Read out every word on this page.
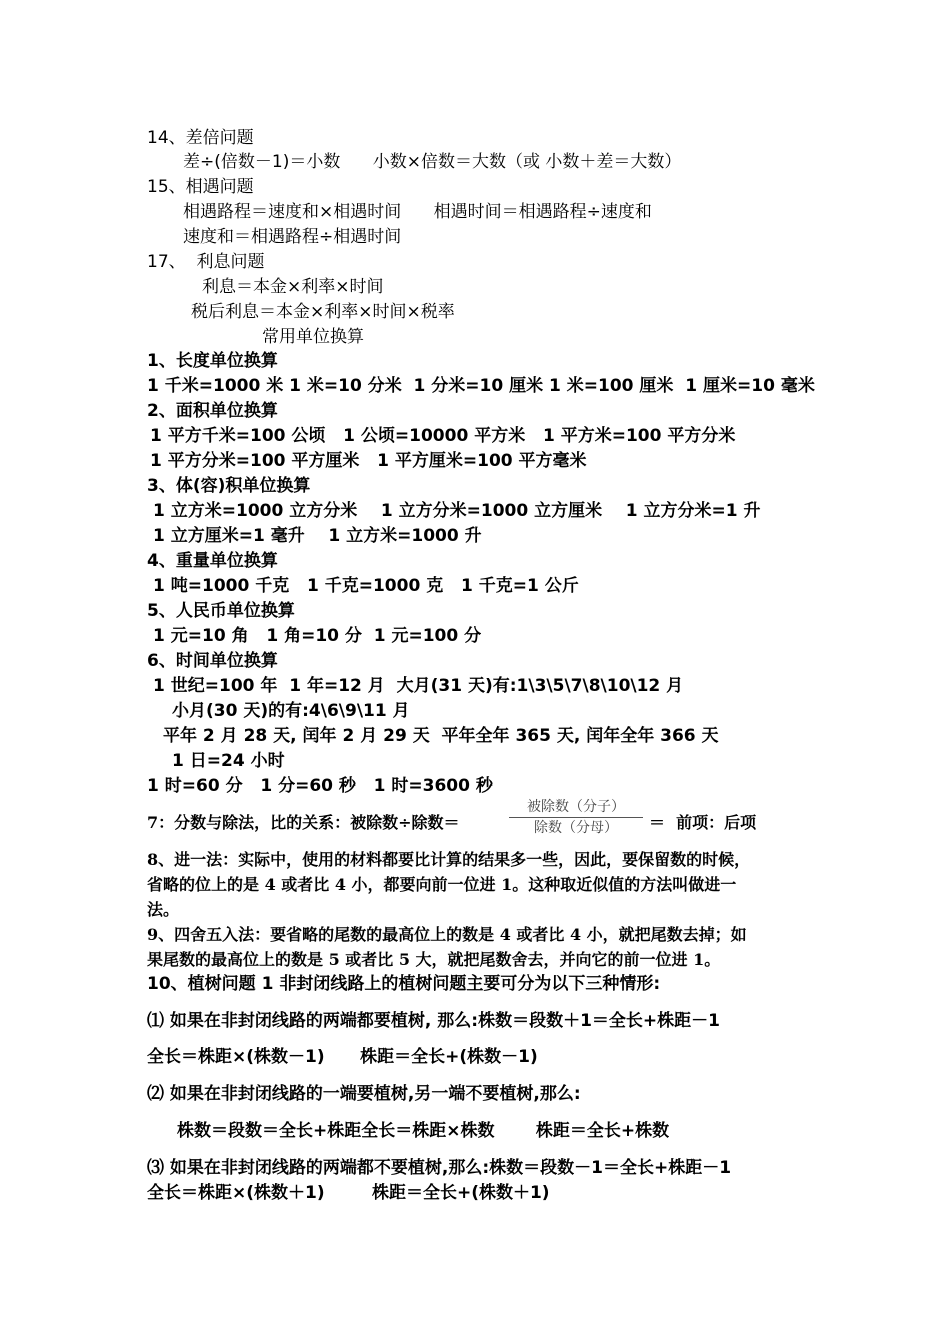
14、差倍问题
差÷(倍数－1)＝小数      小数×倍数＝大数（或 小数＋差＝大数）
15、相遇问题
相遇路程＝速度和×相遇时间      相遇时间＝相遇路程÷速度和
速度和＝相遇路程÷相遇时间
17、  利息问题
利息＝本金×利率×时间
税后利息＝本金×利率×时间×税率
常用单位换算
1、长度单位换算
1 千米=1000 米 1 米=10 分米  1 分米=10 厘米 1 米=100 厘米  1 厘米=10 毫米
2、面积单位换算
1 平方千米=100 公顷   1 公顷=10000 平方米   1 平方米=100 平方分米
1 平方分米=100 平方厘米   1 平方厘米=100 平方毫米
3、体(容)积单位换算
1 立方米=1000 立方分米    1 立方分米=1000 立方厘米    1 立方分米=1 升
1 立方厘米=1 毫升    1 立方米=1000 升
4、重量单位换算
1 吨=1000 千克   1 千克=1000 克   1 千克=1 公斤
5、人民币单位换算
1 元=10 角   1 角=10 分  1 元=100 分
6、时间单位换算
1 世纪=100 年  1 年=12 月  大月(31 天)有:1\3\5\7\8\10\12 月
小月(30 天)的有:4\6\9\11 月
平年 2 月 28 天, 闰年 2 月 29 天  平年全年 365 天, 闰年全年 366 天
1 日=24 小时
1 时=60 分   1 分=60 秒   1 时=3600 秒
7：分数与除法，比的关系：被除数÷除数＝
被除数（分子）
除数（分母）	＝  前项：后项
8、进一法：实际中，使用的材料都要比计算的结果多一些，因此，要保留数的时候，
省略的位上的是 4 或者比 4 小，都要向前一位进 1。这种取近似值的方法叫做进一
法。
9、四舍五入法：要省略的尾数的最高位上的数是 4 或者比 4 小，就把尾数去掉；如
果尾数的最高位上的数是 5 或者比 5 大，就把尾数舍去，并向它的前一位进 1。
10、植树问题 1 非封闭线路上的植树问题主要可分为以下三种情形:
⑴ 如果在非封闭线路的两端都要植树, 那么:株数＝段数＋1＝全长+株距－1
全长＝株距×(株数－1)      株距＝全长+(株数－1)
⑵ 如果在非封闭线路的一端要植树,另一端不要植树,那么:
株数＝段数＝全长+株距全长＝株距×株数       株距＝全长+株数
⑶ 如果在非封闭线路的两端都不要植树,那么:株数＝段数－1＝全长+株距－1
全长＝株距×(株数＋1)        株距＝全长+(株数＋1)
